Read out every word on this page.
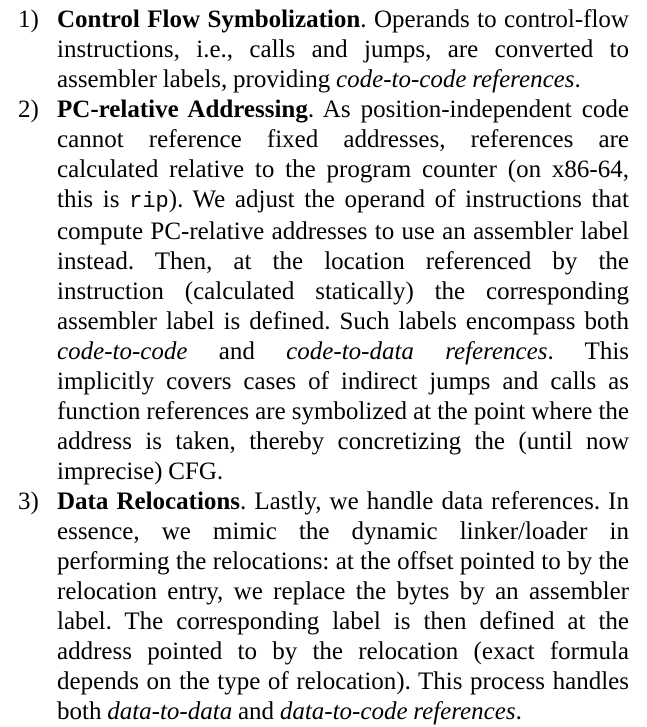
1) Control Flow Symbolization. Operands to control-flow instructions, i.e., calls and jumps, are converted to assembler labels, providing code-to-code references.
2) PC-relative Addressing. As position-independent code cannot reference fixed addresses, references are calculated relative to the program counter (on x86-64, this is rip). We adjust the operand of instructions that compute PC-relative addresses to use an assembler label instead. Then, at the location referenced by the instruction (calculated statically) the corresponding assembler label is defined. Such labels encompass both code-to-code and code-to-data references. This implicitly covers cases of indirect jumps and calls as function references are symbolized at the point where the address is taken, thereby concretizing the (until now imprecise) CFG.
3) Data Relocations. Lastly, we handle data references. In essence, we mimic the dynamic linker/loader in performing the relocations: at the offset pointed to by the relocation entry, we replace the bytes by an assembler label. The corresponding label is then defined at the address pointed to by the relocation (exact formula depends on the type of relocation). This process handles both data-to-data and data-to-code references.
